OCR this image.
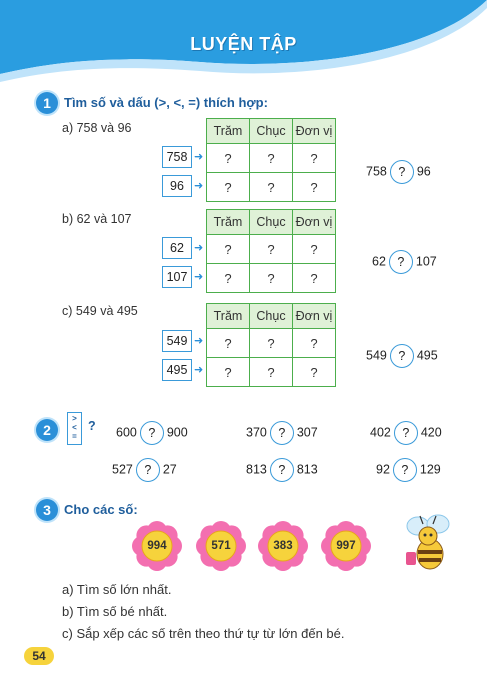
LUYỆN TẬP
1	Tìm số và dấu (>, <, =) thích hợp:
a) 758 và 96	Trăm	Chục	Đơn vị
?	?	?
?	?	?
758 ➜
96 ➜
758 ? 96
b) 62 và 107	Trăm	Chục	Đơn vị
?	?	?
?	?	?
62 ➜
107 ➜
62 ? 107
c) 549 và 495	Trăm	Chục	Đơn vị
?	?	?
?	?	?
549 ➜
495 ➜
549 ? 495
2
>
<
=
? 600 ? 900	370 ? 307	402 ? 420
527 ? 27	813 ? 813	92 ? 129
3	Cho các số:
994	571	383	997
a) Tìm số lớn nhất.
b) Tìm số bé nhất.
c) Sắp xếp các số trên theo thứ tự từ lớn đến bé.
54
